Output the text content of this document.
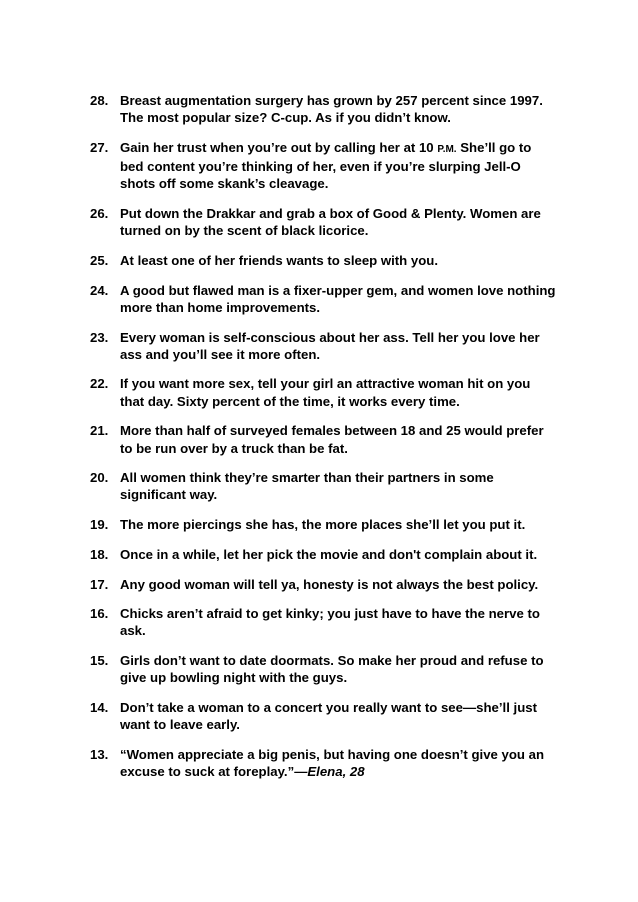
28. Breast augmentation surgery has grown by 257 percent since 1997.
The most popular size? C-cup. As if you didn’t know.
27. Gain her trust when you’re out by calling her at 10 P.M. She’ll go to
bed content you’re thinking of her, even if you’re slurping Jell-O
shots off some skank’s cleavage.
26. Put down the Drakkar and grab a box of Good & Plenty. Women are
turned on by the scent of black licorice.
25. At least one of her friends wants to sleep with you.
24. A good but flawed man is a fixer-upper gem, and women love nothing
more than home improvements.
23. Every woman is self-conscious about her ass. Tell her you love her
ass and you’ll see it more often.
22. If you want more sex, tell your girl an attractive woman hit on you
that day. Sixty percent of the time, it works every time.
21. More than half of surveyed females between 18 and 25 would prefer
to be run over by a truck than be fat.
20. All women think they’re smarter than their partners in some
significant way.
19. The more piercings she has, the more places she’ll let you put it.
18. Once in a while, let her pick the movie and don't complain about it.
17. Any good woman will tell ya, honesty is not always the best policy.
16. Chicks aren’t afraid to get kinky; you just have to have the nerve to
ask.
15. Girls don’t want to date doormats. So make her proud and refuse to
give up bowling night with the guys.
14. Don’t take a woman to a concert you really want to see—she’ll just
want to leave early.
13. “Women appreciate a big penis, but having one doesn’t give you an
excuse to suck at foreplay.”—Elena, 28
